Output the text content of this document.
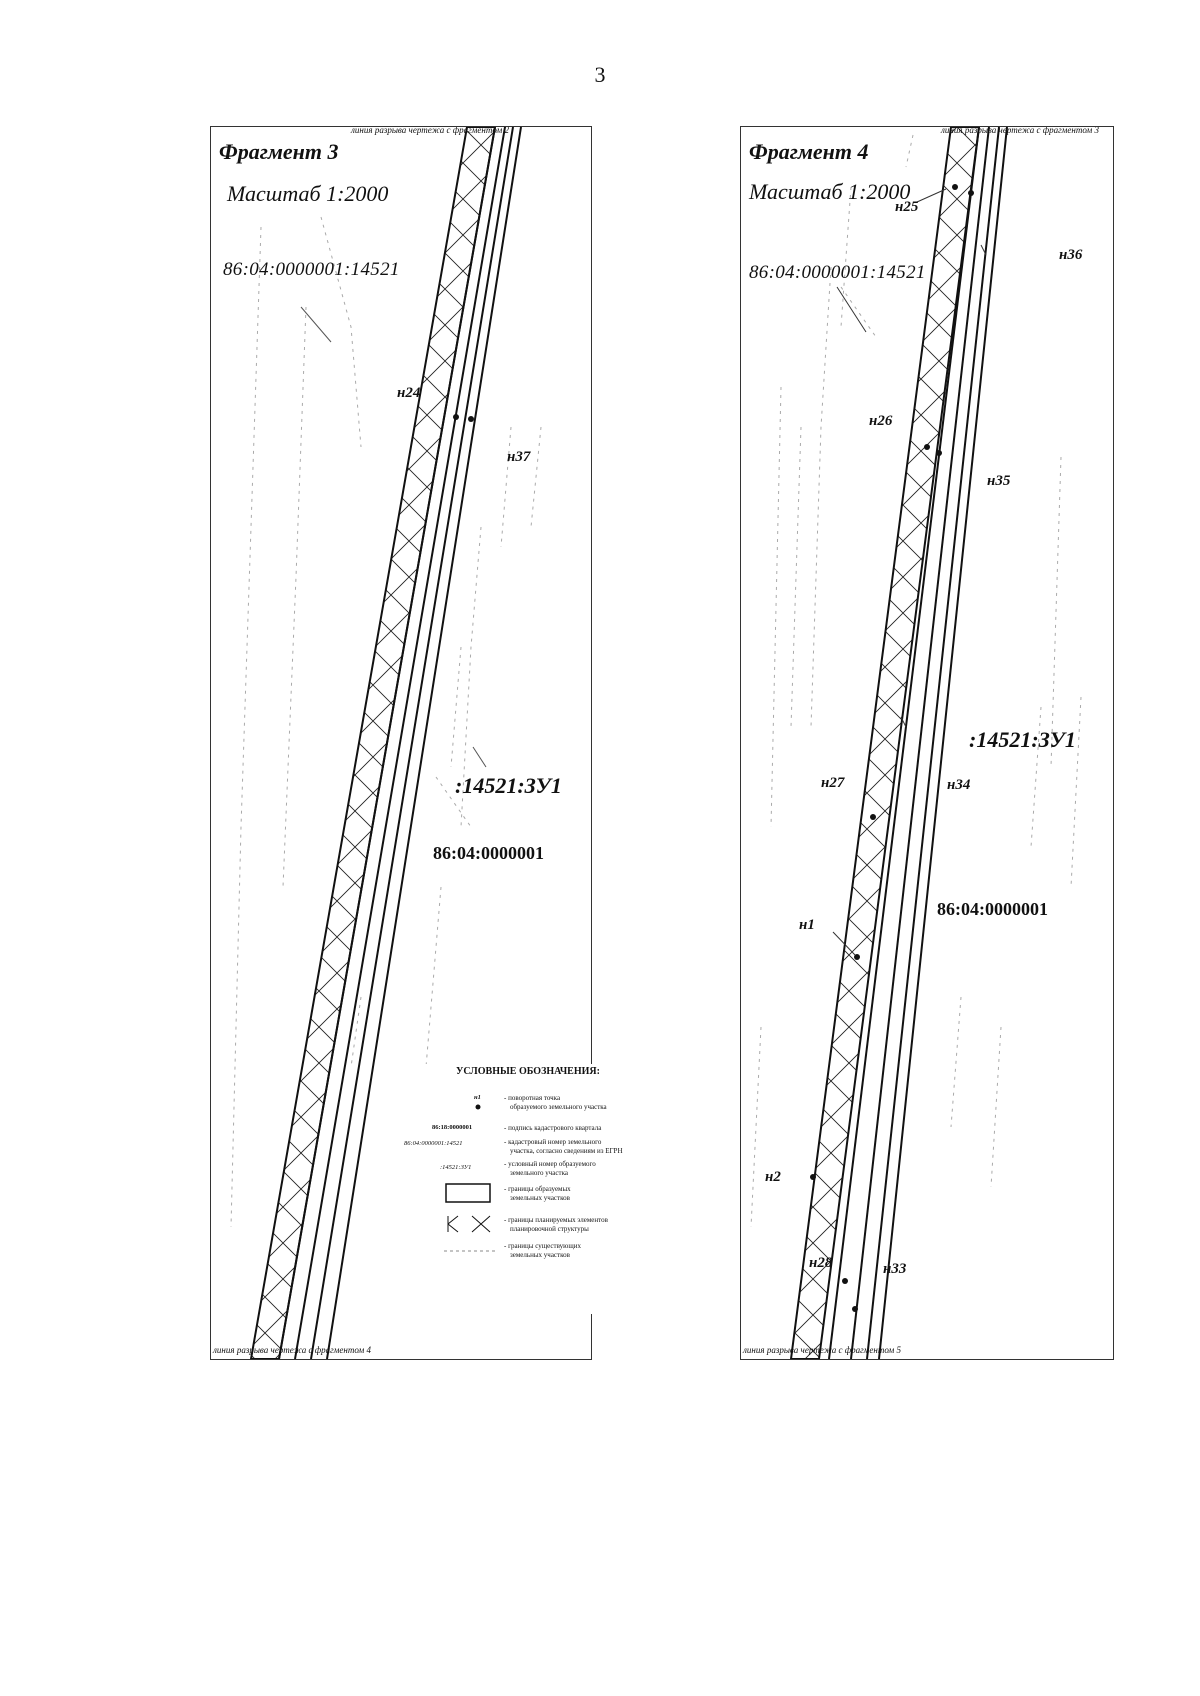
3
линия разрыва чертежа с фрагментом 2
Фрагмент 3
Масштаб 1:2000
86:04:0000001:14521
н24
н37
:14521:ЗУ1
86:04:0000001
линия разрыва чертежа с фрагментом 4
линия разрыва чертежа с фрагментом 3
Фрагмент 4
Масштаб 1:2000
86:04:0000001:14521
н25
н36
н26
н35
н27	н34
н1
н2
н28	н33
:14521:ЗУ1
86:04:0000001
линия разрыва чертежа с фрагментом 5
УСЛОВНЫЕ ОБОЗНАЧЕНИЯ:
н1	- поворотная точка
образуемого земельного участка
86:18:0000001	- подпись кадастрового квартала
86:04:0000001:14521	- кадастровый номер земельного
участка, согласно сведениям из ЕГРН
:14521:ЗУ1	- условный номер образуемого
земельного участка
- границы образуемых
земельных участков
- границы планируемых элементов
планировочной структуры
- границы существующих
земельных участков
